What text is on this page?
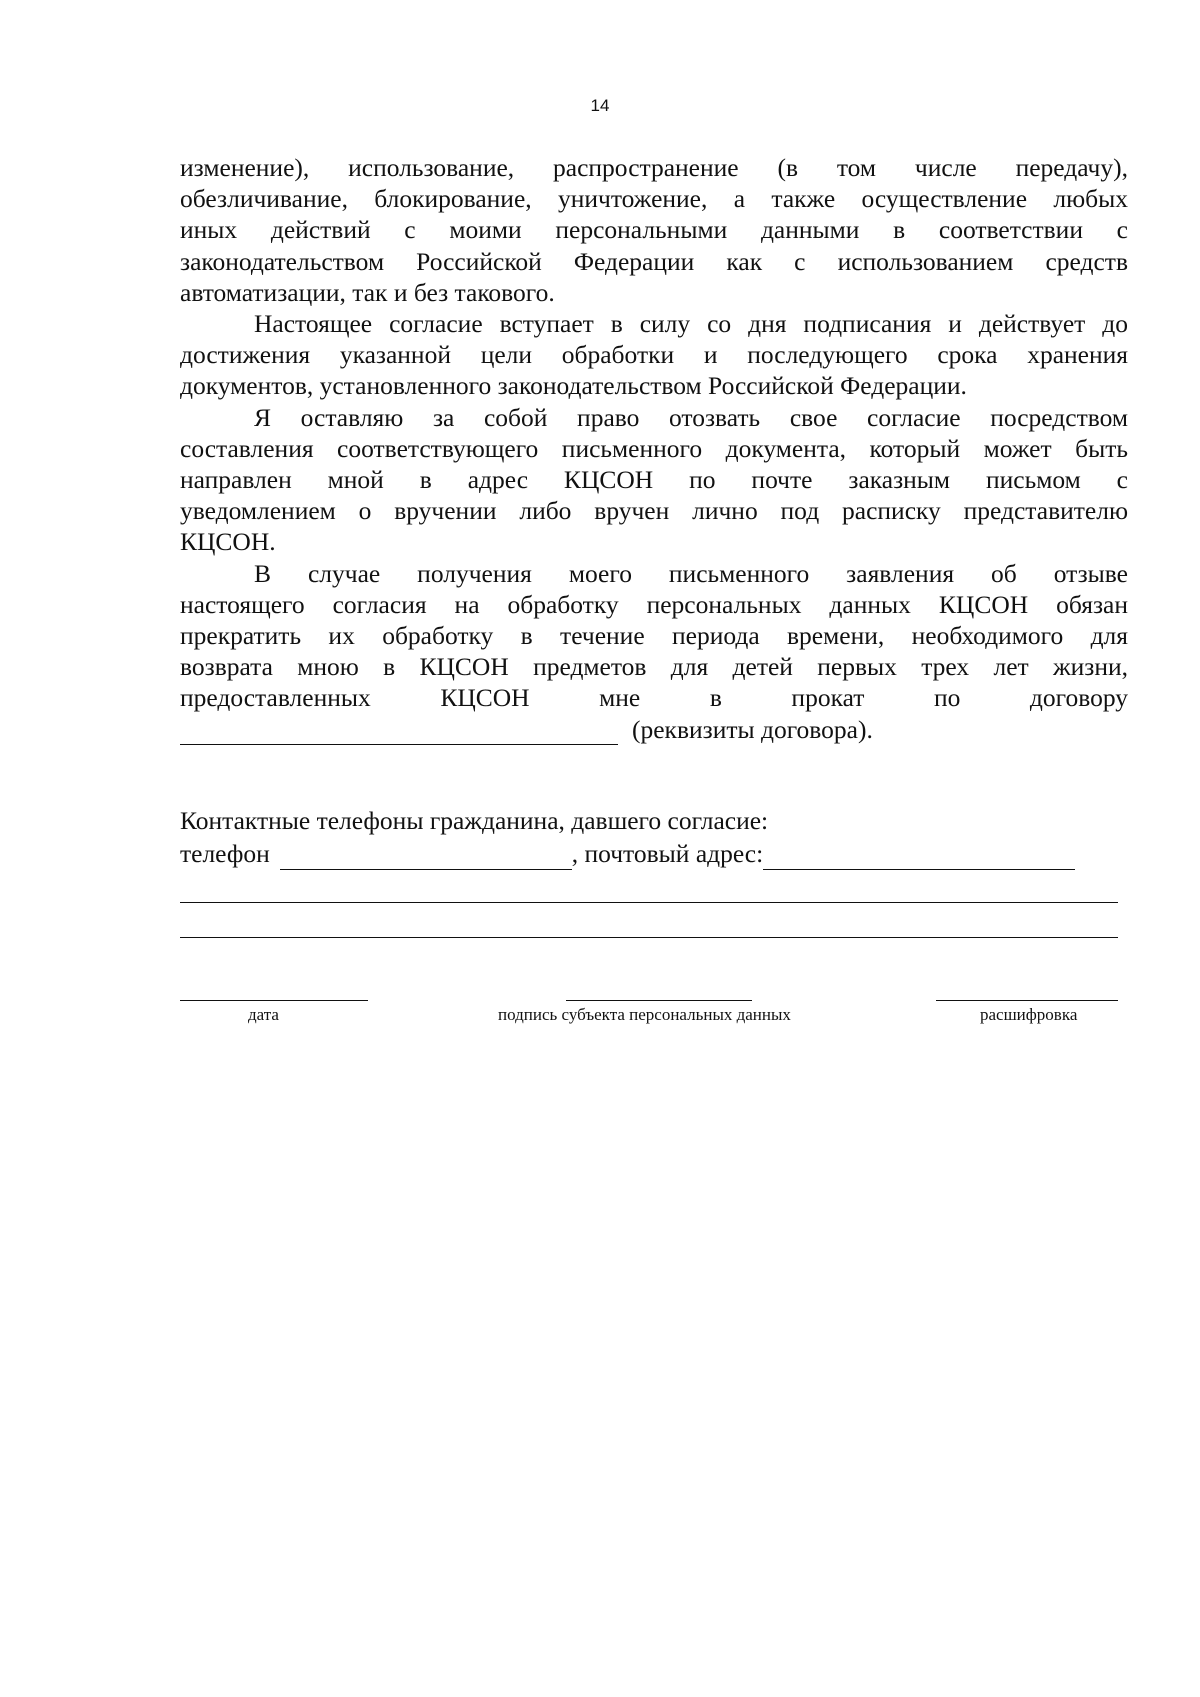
14
изменение), использование, распространение (в том числе передачу),
обезличивание, блокирование, уничтожение, а также осуществление любых
иных действий с моими персональными данными в соответствии с
законодательством Российской Федерации как с использованием средств
автоматизации, так и без такового.
Настоящее согласие вступает в силу со дня подписания и действует до
достижения указанной цели обработки и последующего срока хранения
документов, установленного законодательством Российской Федерации.
Я оставляю за собой право отозвать свое согласие посредством
составления соответствующего письменного документа, который может быть
направлен мной в адрес КЦСОН по почте заказным письмом с
уведомлением о вручении либо вручен лично под расписку представителю
КЦСОН.
В случае получения моего письменного заявления об отзыве
настоящего согласия на обработку персональных данных КЦСОН обязан
прекратить их обработку в течение периода времени, необходимого для
возврата мною в КЦСОН предметов для детей первых трех лет жизни,
предоставленных КЦСОН мне в прокат по договору
(реквизиты договора).
Контактные телефоны гражданина, давшего согласие:
телефон	, почтовый адрес:
дата	подпись субъекта персональных данных	расшифровка
